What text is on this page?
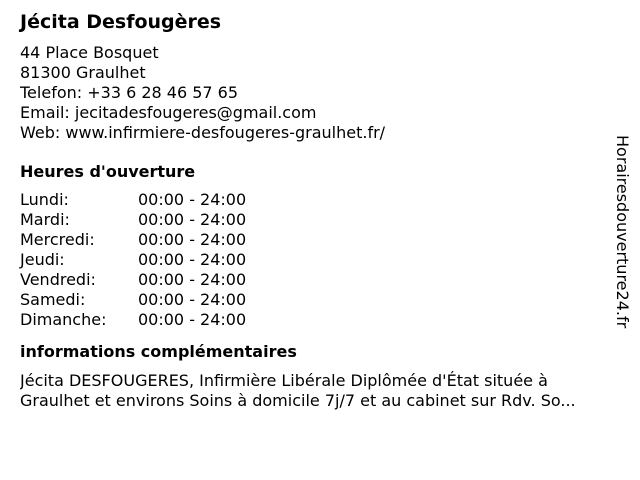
Jécita Desfougères
44 Place Bosquet
81300 Graulhet
Telefon: +33 6 28 46 57 65
Email: jecitadesfougeres@gmail.com
Web: www.infirmiere-desfougeres-graulhet.fr/
Heures d'ouverture
Lundi:	00:00 - 24:00
Mardi:	00:00 - 24:00
Mercredi:	00:00 - 24:00
Jeudi:	00:00 - 24:00
Vendredi:	00:00 - 24:00
Samedi:	00:00 - 24:00
Dimanche:	00:00 - 24:00
informations complémentaires
Jécita DESFOUGERES, Infirmière Libérale Diplômée d'État située à
Graulhet et environs Soins à domicile 7j/7 et au cabinet sur Rdv. So...
Horairesdouverture24.fr
